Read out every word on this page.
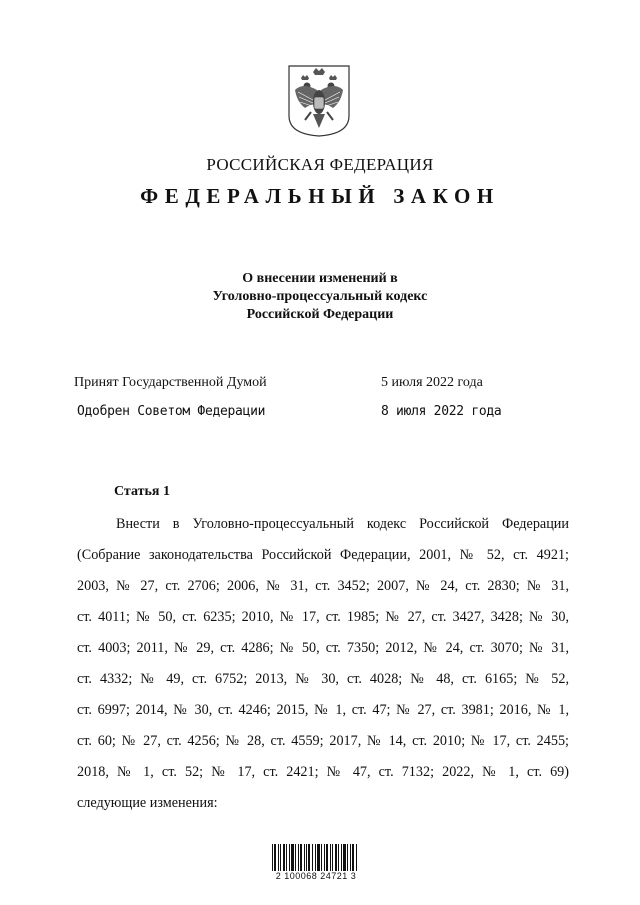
РОССИЙСКАЯ ФЕДЕРАЦИЯ
ФЕДЕРАЛЬНЫЙ ЗАКОН
О внесении изменений в
Уголовно-процессуальный кодекс
Российской Федерации
Принят Государственной Думой	5 июля 2022 года
Одобрен Советом Федерации	8 июля 2022 года
Статья 1
Внести в Уголовно-процессуальный кодекс Российской Федерации
(Собрание законодательства Российской Федерации, 2001, № 52, ст. 4921;
2003, № 27, ст. 2706; 2006, № 31, ст. 3452; 2007, № 24, ст. 2830; № 31,
ст. 4011; № 50, ст. 6235; 2010, № 17, ст. 1985; № 27, ст. 3427, 3428; № 30,
ст. 4003; 2011, № 29, ст. 4286; № 50, ст. 7350; 2012, № 24, ст. 3070; № 31,
ст. 4332; № 49, ст. 6752; 2013, № 30, ст. 4028; № 48, ст. 6165; № 52,
ст. 6997; 2014, № 30, ст. 4246; 2015, № 1, ст. 47; № 27, ст. 3981; 2016, № 1,
ст. 60; № 27, ст. 4256; № 28, ст. 4559; 2017, № 14, ст. 2010; № 17, ст. 2455;
2018, № 1, ст. 52; № 17, ст. 2421; № 47, ст. 7132; 2022, № 1, ст. 69)
следующие изменения:
2 100068 24721 3
